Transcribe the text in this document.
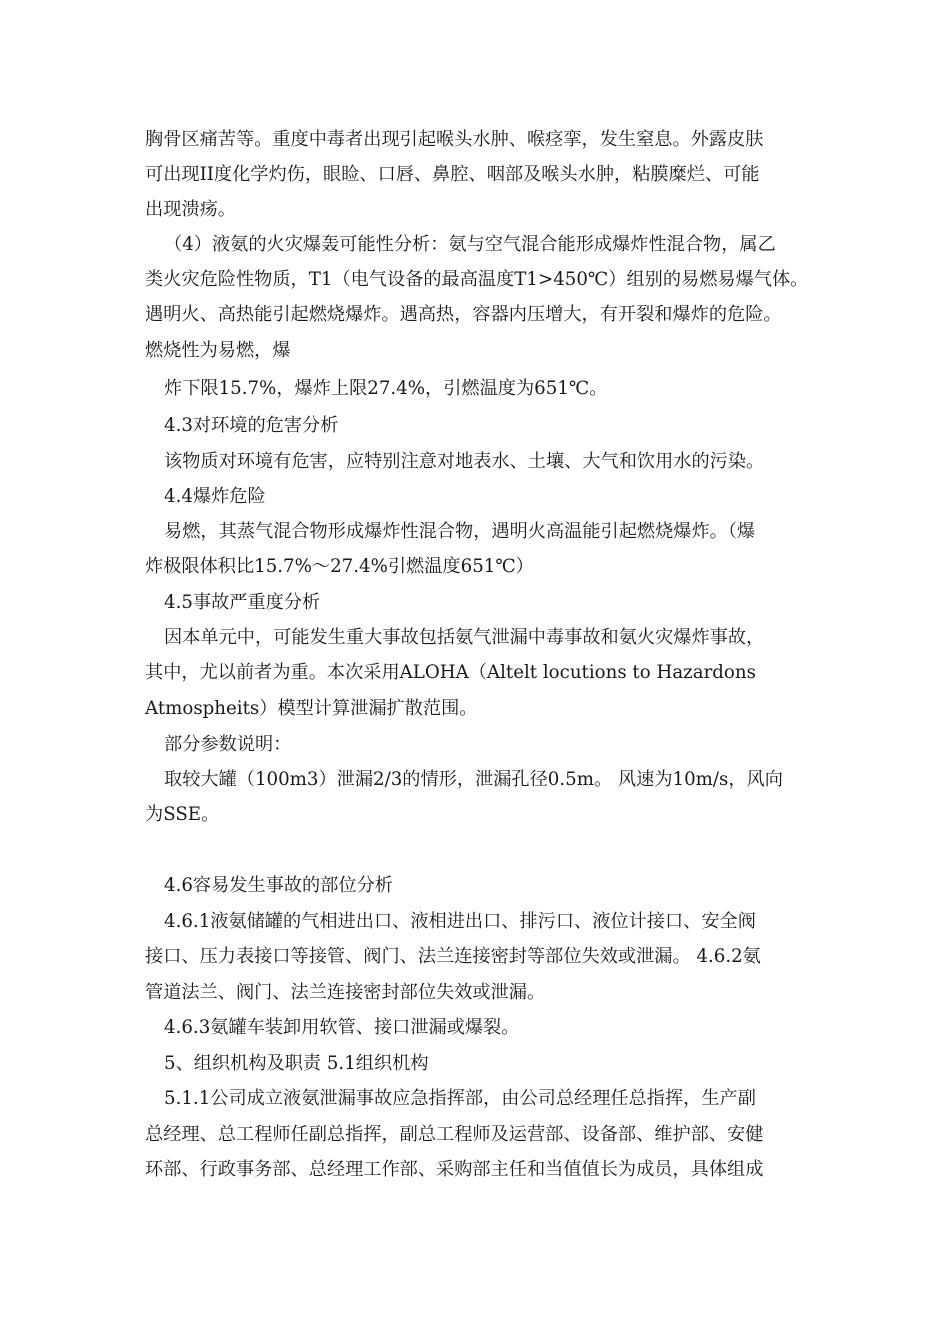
胸骨区痛苦等。重度中毒者出现引起喉头水肿、喉痉挛，发生窒息。外露皮肤
可出现II度化学灼伤，眼睑、口唇、鼻腔、咽部及喉头水肿，粘膜糜烂、可能
出现溃疡。
（4）液氨的火灾爆轰可能性分析：氨与空气混合能形成爆炸性混合物，属乙
类火灾危险性物质，T1（电气设备的最高温度T1>450℃）组别的易燃易爆气体。
遇明火、高热能引起燃烧爆炸。遇高热，容器内压增大，有开裂和爆炸的危险。
燃烧性为易燃，爆
炸下限15.7%，爆炸上限27.4%，引燃温度为651℃。
4.3对环境的危害分析
该物质对环境有危害，应特别注意对地表水、土壤、大气和饮用水的污染。
4.4爆炸危险
易燃，其蒸气混合物形成爆炸性混合物，遇明火高温能引起燃烧爆炸。（爆
炸极限体积比15.7%～27.4%引燃温度651℃）
4.5事故严重度分析
因本单元中，可能发生重大事故包括氨气泄漏中毒事故和氨火灾爆炸事故，
其中，尤以前者为重。本次采用ALOHA（Altelt locutions to Hazardons
Atmospheits）模型计算泄漏扩散范围。
部分参数说明：
取较大罐（100m3）泄漏2/3的情形，泄漏孔径0.5m。 风速为10m/s，风向
为SSE。
4.6容易发生事故的部位分析
4.6.1液氨储罐的气相进出口、液相进出口、排污口、液位计接口、安全阀
接口、压力表接口等接管、阀门、法兰连接密封等部位失效或泄漏。 4.6.2氨
管道法兰、阀门、法兰连接密封部位失效或泄漏。
4.6.3氨罐车装卸用软管、接口泄漏或爆裂。
5、组织机构及职责 5.1组织机构
5.1.1公司成立液氨泄漏事故应急指挥部，由公司总经理任总指挥，生产副
总经理、总工程师任副总指挥，副总工程师及运营部、设备部、维护部、安健
环部、行政事务部、总经理工作部、采购部主任和当值值长为成员，具体组成
